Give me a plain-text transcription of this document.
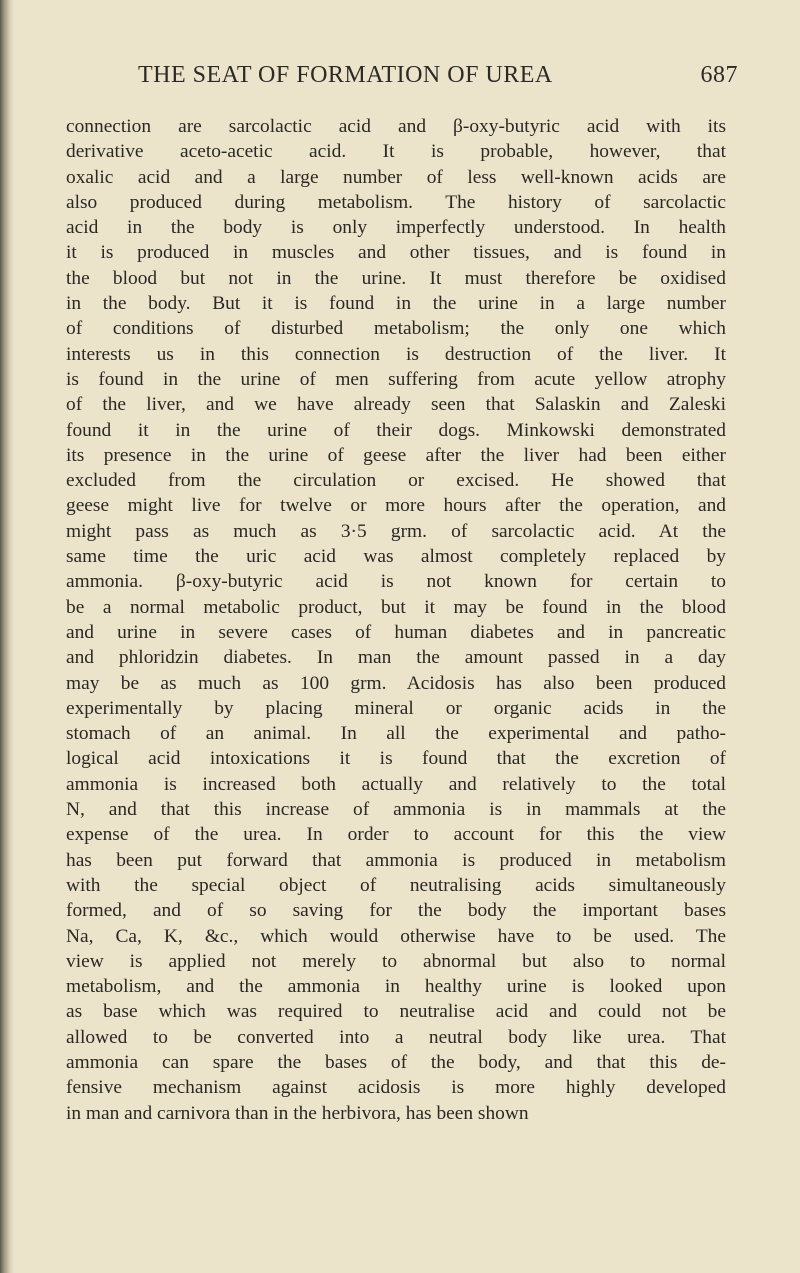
THE SEAT OF FORMATION OF UREA	687
connection are sarcolactic acid and β-oxy-butyric acid with its
derivative aceto-acetic acid. It is probable, however, that
oxalic acid and a large number of less well-known acids are
also produced during metabolism. The history of sarcolactic
acid in the body is only imperfectly understood. In health
it is produced in muscles and other tissues, and is found in
the blood but not in the urine. It must therefore be oxidised
in the body. But it is found in the urine in a large number
of conditions of disturbed metabolism; the only one which
interests us in this connection is destruction of the liver. It
is found in the urine of men suffering from acute yellow atrophy
of the liver, and we have already seen that Salaskin and Zaleski
found it in the urine of their dogs. Minkowski demonstrated
its presence in the urine of geese after the liver had been either
excluded from the circulation or excised. He showed that
geese might live for twelve or more hours after the operation, and
might pass as much as 3·5 grm. of sarcolactic acid. At the
same time the uric acid was almost completely replaced by
ammonia. β-oxy-butyric acid is not known for certain to
be a normal metabolic product, but it may be found in the blood
and urine in severe cases of human diabetes and in pancreatic
and phloridzin diabetes. In man the amount passed in a day
may be as much as 100 grm. Acidosis has also been produced
experimentally by placing mineral or organic acids in the
stomach of an animal. In all the experimental and patho-
logical acid intoxications it is found that the excretion of
ammonia is increased both actually and relatively to the total
N, and that this increase of ammonia is in mammals at the
expense of the urea. In order to account for this the view
has been put forward that ammonia is produced in metabolism
with the special object of neutralising acids simultaneously
formed, and of so saving for the body the important bases
Na, Ca, K, &c., which would otherwise have to be used. The
view is applied not merely to abnormal but also to normal
metabolism, and the ammonia in healthy urine is looked upon
as base which was required to neutralise acid and could not be
allowed to be converted into a neutral body like urea. That
ammonia can spare the bases of the body, and that this de-
fensive mechanism against acidosis is more highly developed
in man and carnivora than in the herbivora, has been shown
